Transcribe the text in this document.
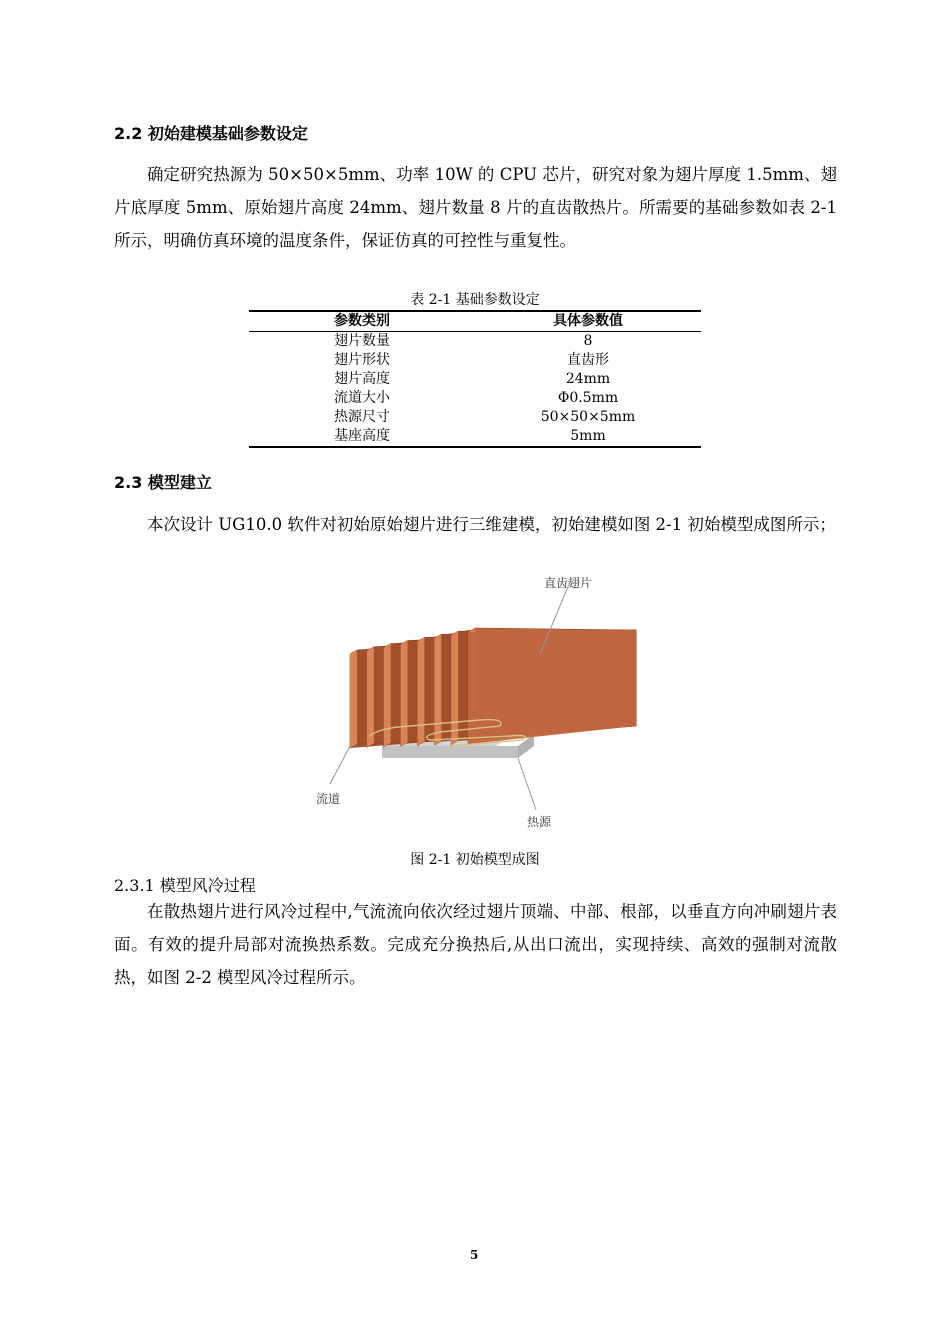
2.2 初始建模基础参数设定

确定研究热源为 50×50×5mm、功率 10W 的 CPU 芯片，研究对象为翅片厚度 1.5mm、翅片底厚度 5mm、原始翅片高度 24mm、翅片数量 8 片的直齿散热片。所需要的基础参数如表 2-1 所示，明确仿真环境的温度条件，保证仿真的可控性与重复性。

表 2-1 基础参数设定
参数类别	具体参数值
翅片数量	8
翅片形状	直齿形
翅片高度	24mm
流道大小	Φ0.5mm
热源尺寸	50×50×5mm
基座高度	5mm
2.3 模型建立

本次设计 UG10.0 软件对初始原始翅片进行三维建模，初始建模如图 2-1 初始模型成图所示；

直齿翅片
流道
热源
图 2-1 初始模型成图
2.3.1 模型风冷过程

在散热翅片进行风冷过程中,气流流向依次经过翅片顶端、中部、根部，以垂直方向冲刷翅片表面。有效的提升局部对流换热系数。完成充分换热后,从出口流出，实现持续、高效的强制对流散热，如图 2-2 模型风冷过程所示。

5
